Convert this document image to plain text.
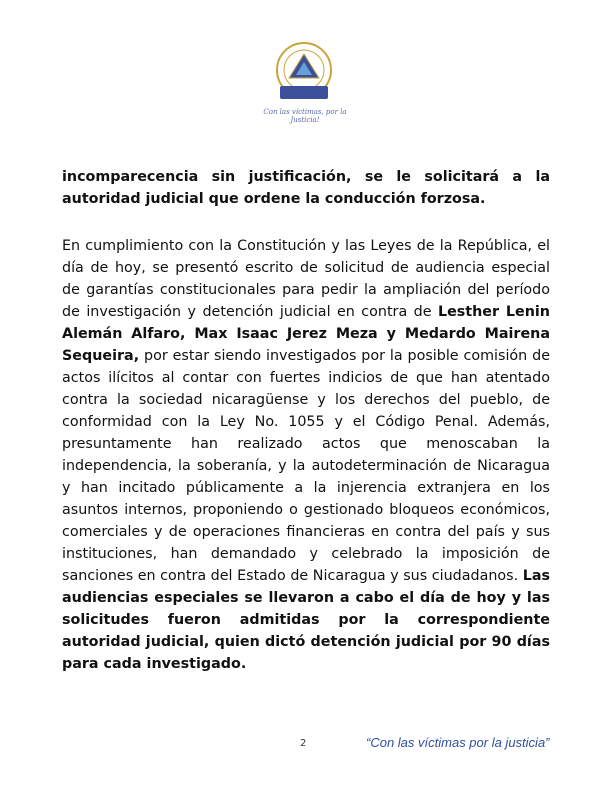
Con las víctimas, por la Justicia!
incomparecencia sin justificación, se le solicitará a la autoridad judicial que ordene la conducción forzosa.
En cumplimiento con la Constitución y las Leyes de la República, el día de hoy, se presentó escrito de solicitud de audiencia especial de garantías constitucionales para pedir la ampliación del período de investigación y detención judicial en contra de Lesther Lenin Alemán Alfaro, Max Isaac Jerez Meza y Medardo Mairena Sequeira, por estar siendo investigados por la posible comisión de actos ilícitos al contar con fuertes indicios de que han atentado contra la sociedad nicaragüense y los derechos del pueblo, de conformidad con la Ley No. 1055 y el Código Penal. Además, presuntamente han realizado actos que menoscaban la independencia, la soberanía, y la autodeterminación de Nicaragua y han incitado públicamente a la injerencia extranjera en los asuntos internos, proponiendo o gestionado bloqueos económicos, comerciales y de operaciones financieras en contra del país y sus instituciones, han demandado y celebrado la imposición de sanciones en contra del Estado de Nicaragua y sus ciudadanos. Las audiencias especiales se llevaron a cabo el día de hoy y las solicitudes fueron admitidas por la correspondiente autoridad judicial, quien dictó detención judicial por 90 días para cada investigado.
2	“Con las víctimas por la justicia”
